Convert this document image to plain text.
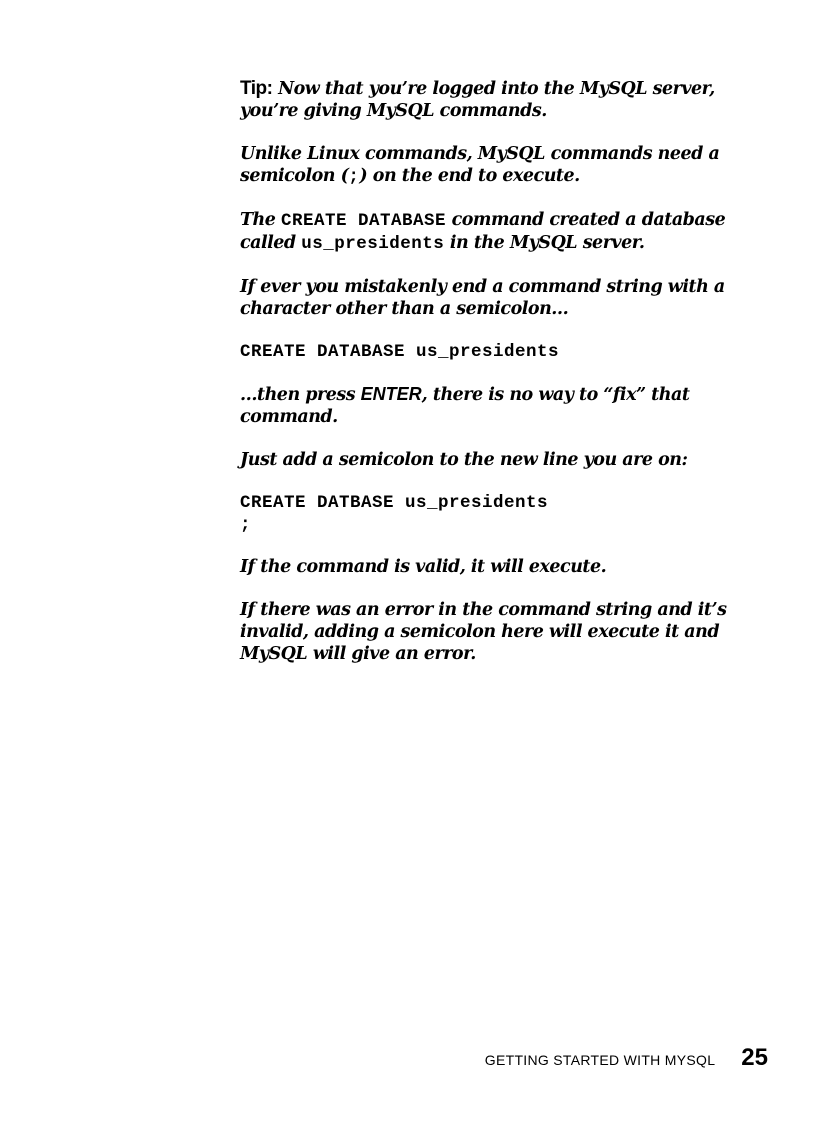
Tip: Now that you’re logged into the MySQL server, you’re giving MySQL commands.

Unlike Linux commands, MySQL commands need a semicolon (;) on the end to execute.

The CREATE DATABASE command created a database called us_presidents in the MySQL server.

If ever you mistakenly end a command string with a character other than a semicolon…

CREATE DATABASE us_presidents

…then press ENTER, there is no way to “fix” that command.

Just add a semicolon to the new line you are on:

CREATE DATBASE us_presidents
;

If the command is valid, it will execute.

If there was an error in the command string and it’s invalid, adding a semicolon here will execute it and MySQL will give an error.

GETTING STARTED WITH MYSQL 25
